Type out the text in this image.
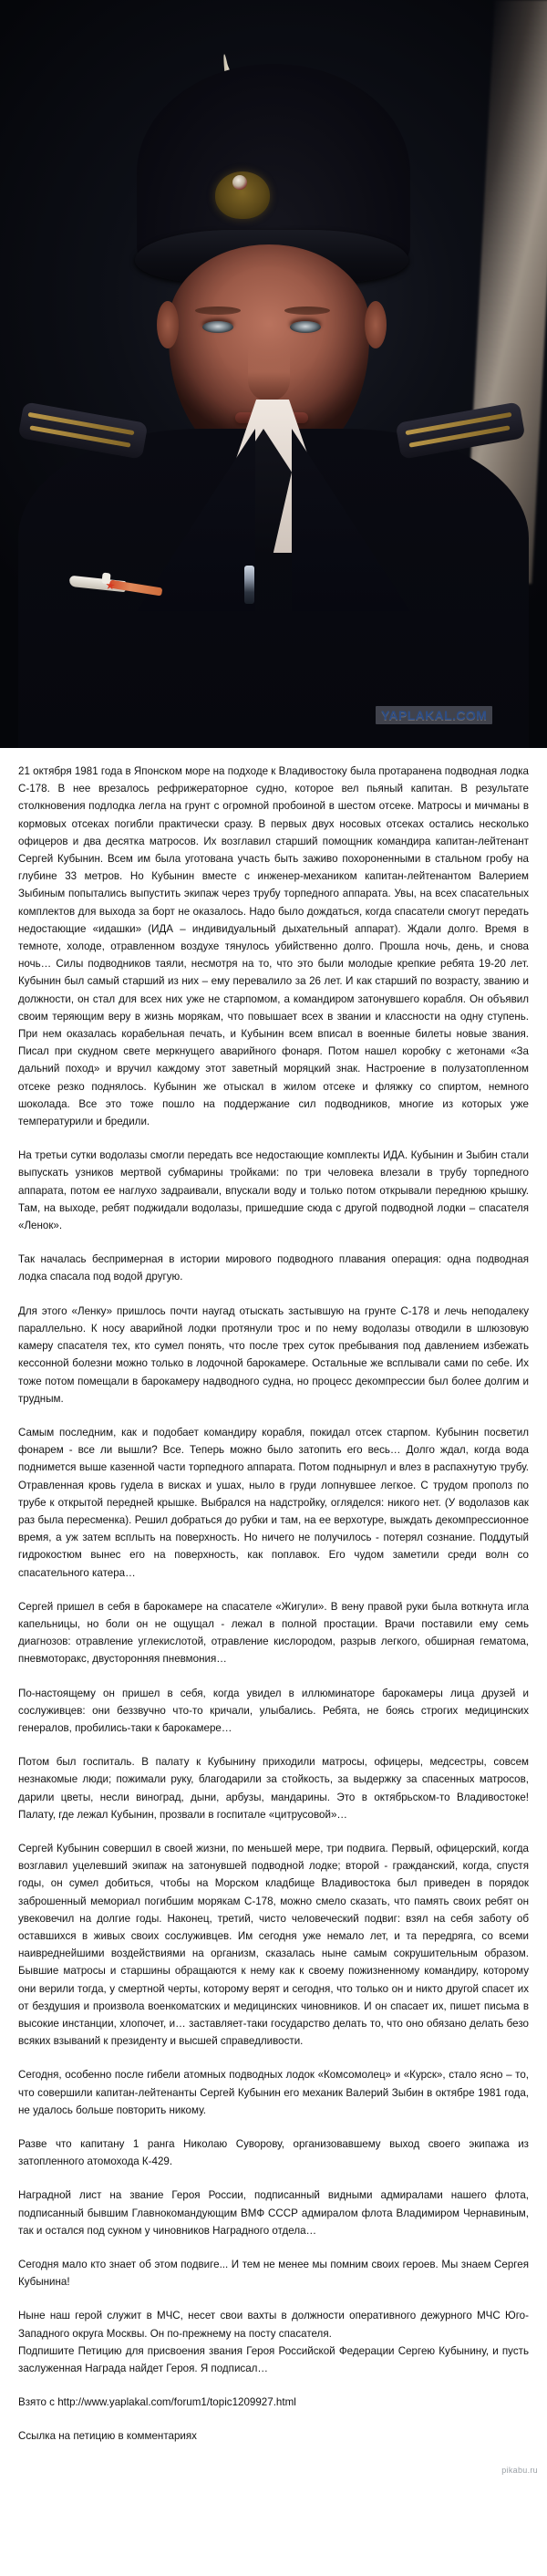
YAPLAKAL.COM

21 октября 1981 года в Японском море на подходе к Владивостоку была протаранена подводная лодка С-178. В нее врезалось рефрижераторное судно, которое вел пьяный капитан. В результате столкновения подлодка легла на грунт с огромной пробоиной в шестом отсеке. Матросы и мичманы в кормовых отсеках погибли практически сразу. В первых двух носовых отсеках остались несколько офицеров и два десятка матросов. Их возглавил старший помощник командира капитан-лейтенант Сергей Кубынин. Всем им была уготована участь быть заживо похороненными в стальном гробу на глубине 33 метров. Но Кубынин вместе с инженер-механиком капитан-лейтенантом Валерием Зыбиным попытались выпустить экипаж через трубу торпедного аппарата. Увы, на всех спасательных комплектов для выхода за борт не оказалось. Надо было дождаться, когда спасатели смогут передать недостающие «идашки» (ИДА – индивидуальный дыхательный аппарат). Ждали долго. Время в темноте, холоде, отравленном воздухе тянулось убийственно долго. Прошла ночь, день, и снова ночь… Силы подводников таяли, несмотря на то, что это были молодые крепкие ребята 19-20 лет. Кубынин был самый старший из них – ему перевалило за 26 лет. И как старший по возрасту, званию и должности, он стал для всех них уже не старпомом, а командиром затонувшего корабля. Он объявил своим теряющим веру в жизнь морякам, что повышает всех в звании и классности на одну ступень. При нем оказалась корабельная печать, и Кубынин всем вписал в военные билеты новые звания. Писал при скудном свете меркнущего аварийного фонаря. Потом нашел коробку с жетонами «За дальний поход» и вручил каждому этот заветный моряцкий знак. Настроение в полузатопленном отсеке резко поднялось. Кубынин же отыскал в жилом отсеке и фляжку со спиртом, немного шоколада. Все это тоже пошло на поддержание сил подводников, многие из которых уже температурили и бредили.

На третьи сутки водолазы смогли передать все недостающие комплекты ИДА. Кубынин и Зыбин стали выпускать узников мертвой субмарины тройками: по три человека влезали в трубу торпедного аппарата, потом ее наглухо задраивали, впускали воду и только потом открывали переднюю крышку. Там, на выходе, ребят поджидали водолазы, пришедшие сюда с другой подводной лодки – спасателя «Ленок».

Так началась беспримерная в истории мирового подводного плавания операция: одна подводная лодка спасала под водой другую.

Для этого «Ленку» пришлось почти наугад отыскать застывшую на грунте С-178 и лечь неподалеку параллельно. К носу аварийной лодки протянули трос и по нему водолазы отводили в шлюзовую камеру спасателя тех, кто сумел понять, что после трех суток пребывания под давлением избежать кессонной болезни можно только в лодочной барокамере. Остальные же всплывали сами по себе. Их тоже потом помещали в барокамеру надводного судна, но процесс декомпрессии был более долгим и трудным.

Самым последним, как и подобает командиру корабля, покидал отсек старпом. Кубынин посветил фонарем - все ли вышли? Все. Теперь можно было затопить его весь… Долго ждал, когда вода поднимется выше казенной части торпедного аппарата. Потом поднырнул и влез в распахнутую трубу. Отравленная кровь гудела в висках и ушах, ныло в груди лопнувшее легкое. С трудом прополз по трубе к открытой передней крышке. Выбрался на надстройку, огляделся: никого нет. (У водолазов как раз была пересменка). Решил добраться до рубки и там, на ее верхотуре, выждать декомпрессионное время, а уж затем всплыть на поверхность. Но ничего не получилось - потерял сознание. Поддутый гидрокостюм вынес его на поверхность, как поплавок. Его чудом заметили среди волн со спасательного катера…

Сергей пришел в себя в барокамере на спасателе «Жигули». В вену правой руки была воткнута игла капельницы, но боли он не ощущал - лежал в полной простации. Врачи поставили ему семь диагнозов: отравление углекислотой, отравление кислородом, разрыв легкого, обширная гематома, пневмоторакс, двусторонняя пневмония…

По-настоящему он пришел в себя, когда увидел в иллюминаторе барокамеры лица друзей и сослуживцев: они беззвучно что-то кричали, улыбались. Ребята, не боясь строгих медицинских генералов, пробились-таки к барокамере…

Потом был госпиталь. В палату к Кубынину приходили матросы, офицеры, медсестры, совсем незнакомые люди; пожимали руку, благодарили за стойкость, за выдержку за спасенных матросов, дарили цветы, несли виноград, дыни, арбузы, мандарины. Это в октябрьском-то Владивостоке! Палату, где лежал Кубынин, прозвали в госпитале «цитрусовой»…

Сергей Кубынин совершил в своей жизни, по меньшей мере, три подвига. Первый, офицерский, когда возглавил уцелевший экипаж на затонувшей подводной лодке; второй - гражданский, когда, спустя годы, он сумел добиться, чтобы на Морском кладбище Владивостока был приведен в порядок заброшенный мемориал погибшим морякам С-178, можно смело сказать, что память своих ребят он увековечил на долгие годы. Наконец, третий, чисто человеческий подвиг: взял на себя заботу об оставшихся в живых своих сослуживцев. Им сегодня уже немало лет, и та передряга, со всеми наивреднейшими воздействиями на организм, сказалась ныне самым сокрушительным образом. Бывшие матросы и старшины обращаются к нему как к своему пожизненному командиру, которому они верили тогда, у смертной черты, которому верят и сегодня, что только он и никто другой спасет их от бездушия и произвола военкоматских и медицинских чиновников. И он спасает их, пишет письма в высокие инстанции, хлопочет, и… заставляет-таки государство делать то, что оно обязано делать безо всяких взываний к президенту и высшей справедливости.

Сегодня, особенно после гибели атомных подводных лодок «Комсомолец» и «Курск», стало ясно – то, что совершили капитан-лейтенанты Сергей Кубынин его механик Валерий Зыбин в октябре 1981 года, не удалось больше повторить никому.

Разве что капитану 1 ранга Николаю Суворову, организовавшему выход своего экипажа из затопленного атомохода К-429.

Наградной лист на звание Героя России, подписанный видными адмиралами нашего флота, подписанный бывшим Главнокомандующим ВМФ СССР адмиралом флота Владимиром Чернавиным, так и остался под сукном у чиновников Наградного отдела…

Сегодня мало кто знает об этом подвиге... И тем не менее мы помним своих героев. Мы знаем Сергея Кубынина!

Ныне наш герой служит в МЧС, несет свои вахты в должности оперативного дежурного МЧС Юго-Западного округа Москвы. Он по-прежнему на посту спасателя.

Подпишите Петицию для присвоения звания Героя Российской Федерации Сергею Кубынину, и пусть заслуженная Награда найдет Героя. Я подписал…

Взято с http://www.yaplakal.com/forum1/topic1209927.html

Ссылка на петицию в комментариях

pikabu.ru
